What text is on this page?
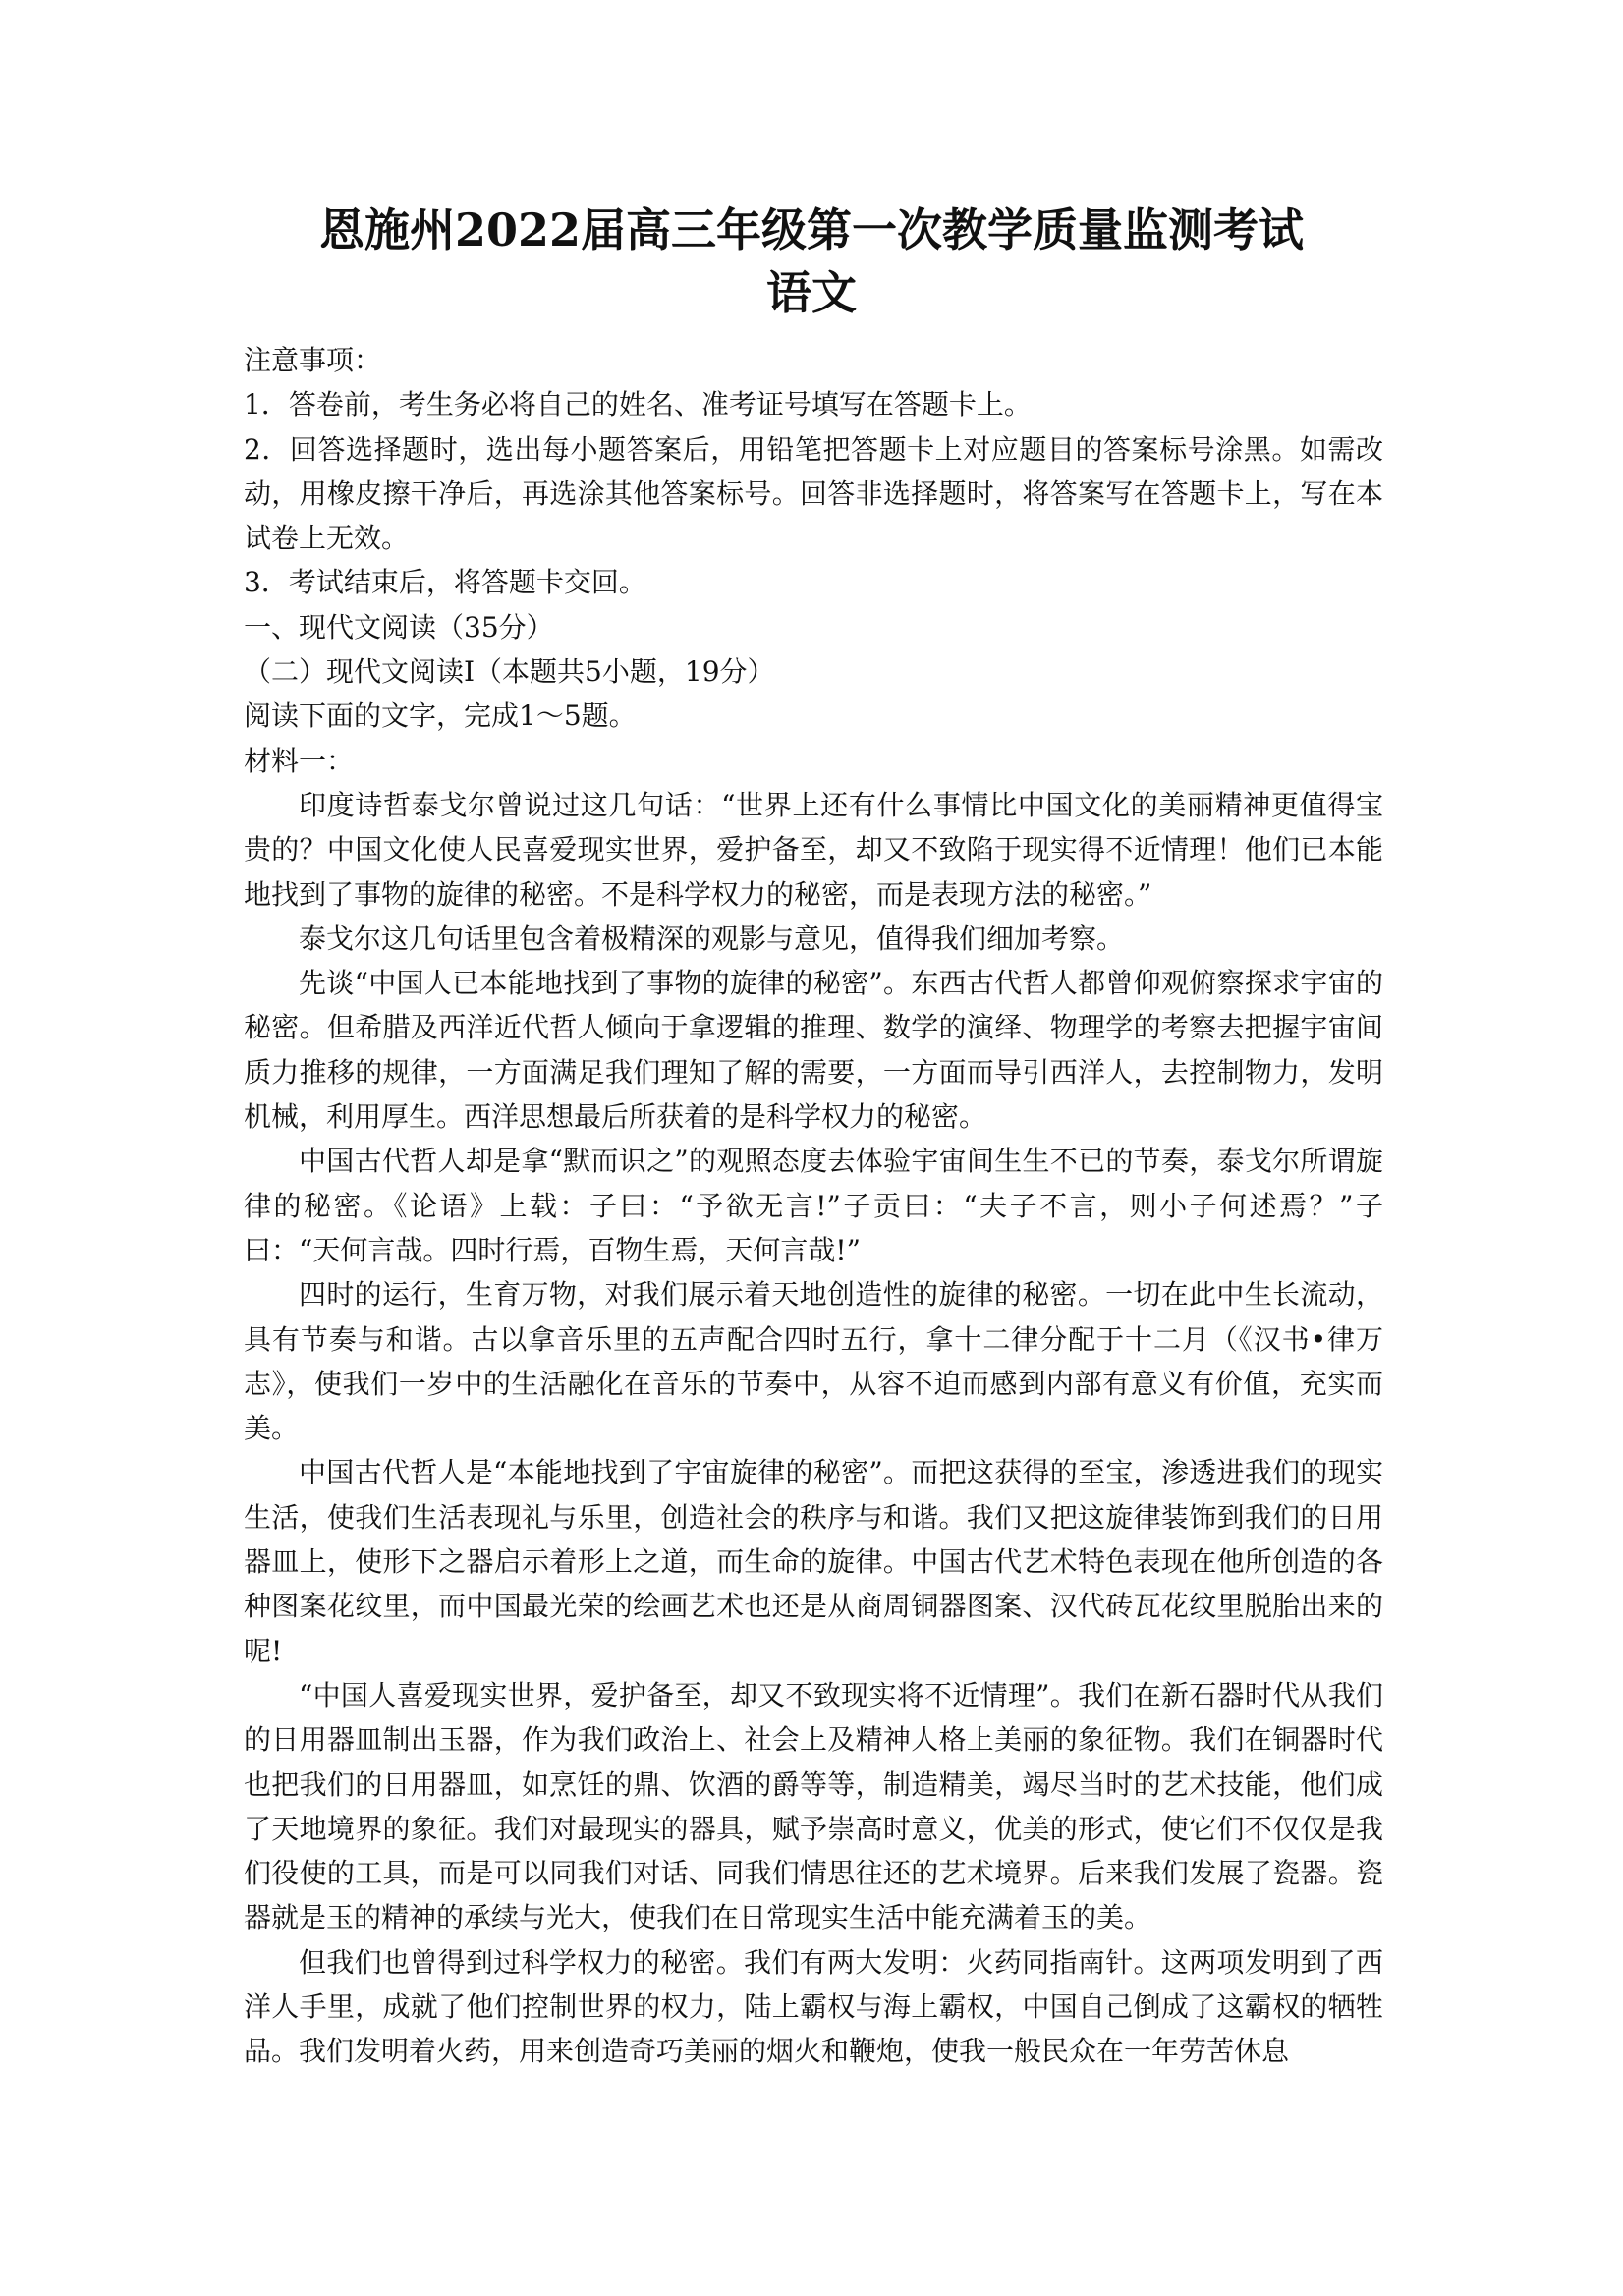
恩施州2022届高三年级第一次教学质量监测考试
语文

注意事项：

1．答卷前，考生务必将自己的姓名、准考证号填写在答题卡上。

2．回答选择题时，选出每小题答案后，用铅笔把答题卡上对应题目的答案标号涂黑。如需改动，用橡皮擦干净后，再选涂其他答案标号。回答非选择题时，将答案写在答题卡上，写在本试卷上无效。

3．考试结束后，将答题卡交回。

一、现代文阅读（35分）

（二）现代文阅读Ⅰ（本题共5小题，19分）

阅读下面的文字，完成1～5题。

材料一：

印度诗哲泰戈尔曾说过这几句话：“世界上还有什么事情比中国文化的美丽精神更值得宝贵的？中国文化使人民喜爱现实世界，爱护备至，却又不致陷于现实得不近情理！他们已本能地找到了事物的旋律的秘密。不是科学权力的秘密，而是表现方法的秘密。”

泰戈尔这几句话里包含着极精深的观影与意见，值得我们细加考察。

先谈“中国人已本能地找到了事物的旋律的秘密”。东西古代哲人都曾仰观俯察探求宇宙的秘密。但希腊及西洋近代哲人倾向于拿逻辑的推理、数学的演绎、物理学的考察去把握宇宙间质力推移的规律，一方面满足我们理知了解的需要，一方面而导引西洋人，去控制物力，发明机械，利用厚生。西洋思想最后所获着的是科学权力的秘密。

中国古代哲人却是拿“默而识之”的观照态度去体验宇宙间生生不已的节奏，泰戈尔所谓旋律的秘密。《论语》上载：子曰：“予欲无言!”子贡曰：“夫子不言，则小子何述焉？”子曰：“天何言哉。四时行焉，百物生焉，天何言哉!”

四时的运行，生育万物，对我们展示着天地创造性的旋律的秘密。一切在此中生长流动，具有节奏与和谐。古以拿音乐里的五声配合四时五行，拿十二律分配于十二月（《汉书•律万志》，使我们一岁中的生活融化在音乐的节奏中，从容不迫而感到内部有意义有价值，充实而美。

中国古代哲人是“本能地找到了宇宙旋律的秘密”。而把这获得的至宝，渗透进我们的现实生活，使我们生活表现礼与乐里，创造社会的秩序与和谐。我们又把这旋律装饰到我们的日用器皿上，使形下之器启示着形上之道，而生命的旋律。中国古代艺术特色表现在他所创造的各种图案花纹里，而中国最光荣的绘画艺术也还是从商周铜器图案、汉代砖瓦花纹里脱胎出来的呢!

“中国人喜爱现实世界，爱护备至，却又不致现实将不近情理”。我们在新石器时代从我们的日用器皿制出玉器，作为我们政治上、社会上及精神人格上美丽的象征物。我们在铜器时代也把我们的日用器皿，如烹饪的鼎、饮酒的爵等等，制造精美，竭尽当时的艺术技能，他们成了天地境界的象征。我们对最现实的器具，赋予崇高时意义，优美的形式，使它们不仅仅是我们役使的工具，而是可以同我们对话、同我们情思往还的艺术境界。后来我们发展了瓷器。瓷器就是玉的精神的承续与光大，使我们在日常现实生活中能充满着玉的美。

但我们也曾得到过科学权力的秘密。我们有两大发明：火药同指南针。这两项发明到了西洋人手里，成就了他们控制世界的权力，陆上霸权与海上霸权，中国自己倒成了这霸权的牺牲品。我们发明着火药，用来创造奇巧美丽的烟火和鞭炮，使我一般民众在一年劳苦休息
